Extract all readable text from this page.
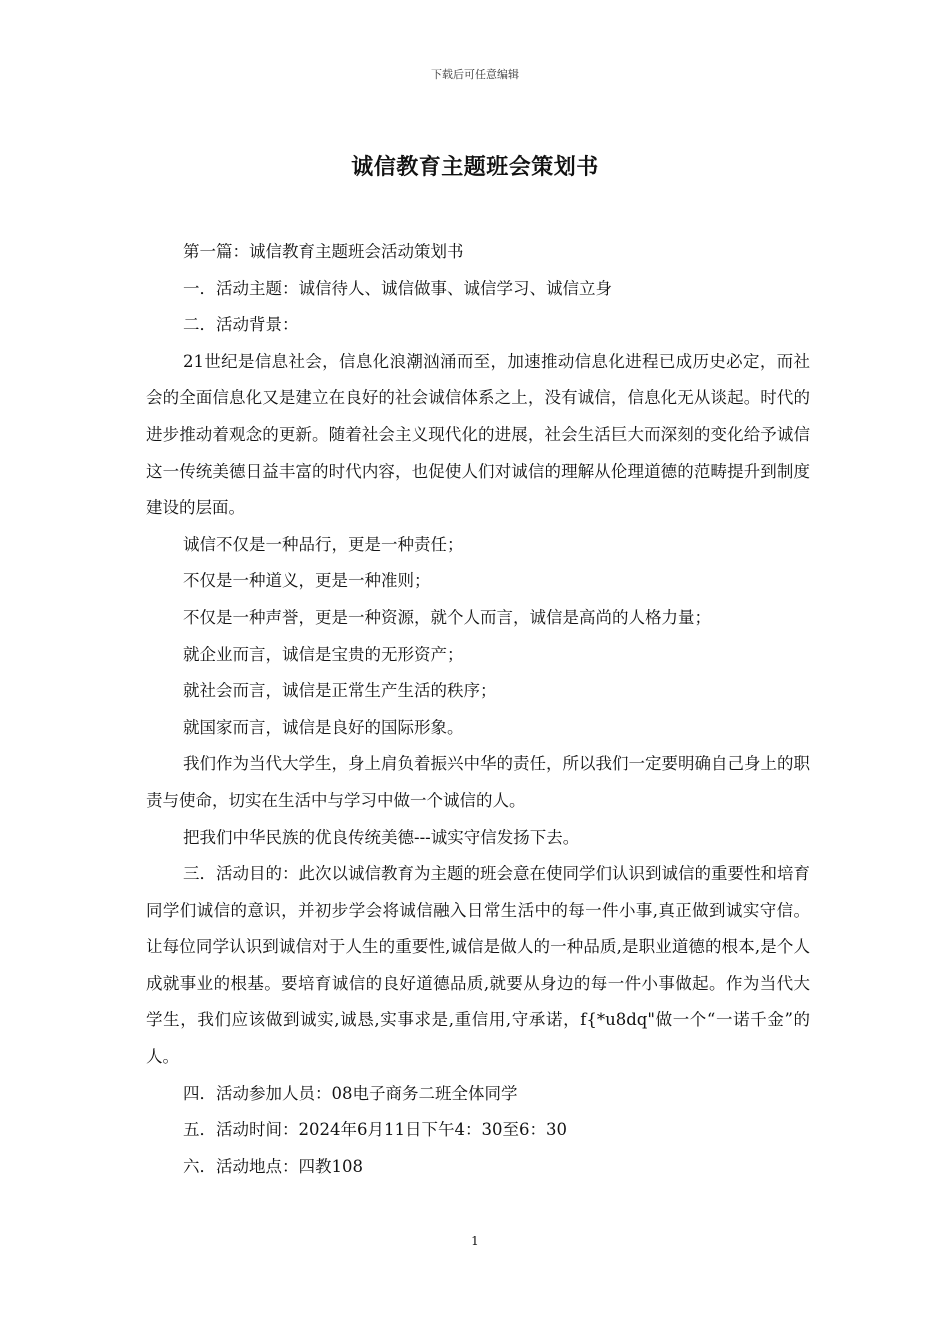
下载后可任意编辑
诚信教育主题班会策划书

第一篇：诚信教育主题班会活动策划书

一．活动主题：诚信待人、诚信做事、诚信学习、诚信立身

二．活动背景：

21世纪是信息社会，信息化浪潮汹涌而至，加速推动信息化进程已成历史必定，而社会的全面信息化又是建立在良好的社会诚信体系之上，没有诚信，信息化无从谈起。时代的进步推动着观念的更新。随着社会主义现代化的进展，社会生活巨大而深刻的变化给予诚信这一传统美德日益丰富的时代内容，也促使人们对诚信的理解从伦理道德的范畴提升到制度建设的层面。

诚信不仅是一种品行，更是一种责任；

不仅是一种道义，更是一种准则；

不仅是一种声誉，更是一种资源，就个人而言，诚信是高尚的人格力量；

就企业而言，诚信是宝贵的无形资产；

就社会而言，诚信是正常生产生活的秩序；

就国家而言，诚信是良好的国际形象。

我们作为当代大学生，身上肩负着振兴中华的责任，所以我们一定要明确自己身上的职责与使命，切实在生活中与学习中做一个诚信的人。

把我们中华民族的优良传统美德---诚实守信发扬下去。

三．活动目的：此次以诚信教育为主题的班会意在使同学们认识到诚信的重要性和培育同学们诚信的意识，并初步学会将诚信融入日常生活中的每一件小事,真正做到诚实守信。让每位同学认识到诚信对于人生的重要性,诚信是做人的一种品质,是职业道德的根本,是个人成就事业的根基。要培育诚信的良好道德品质,就要从身边的每一件小事做起。作为当代大学生，我们应该做到诚实,诚恳,实事求是,重信用,守承诺，f{*u8dq"做一个“一诺千金”的人。

四．活动参加人员：08电子商务二班全体同学

五．活动时间：2024年6月11日下午4：30至6：30

六．活动地点：四教108

1
